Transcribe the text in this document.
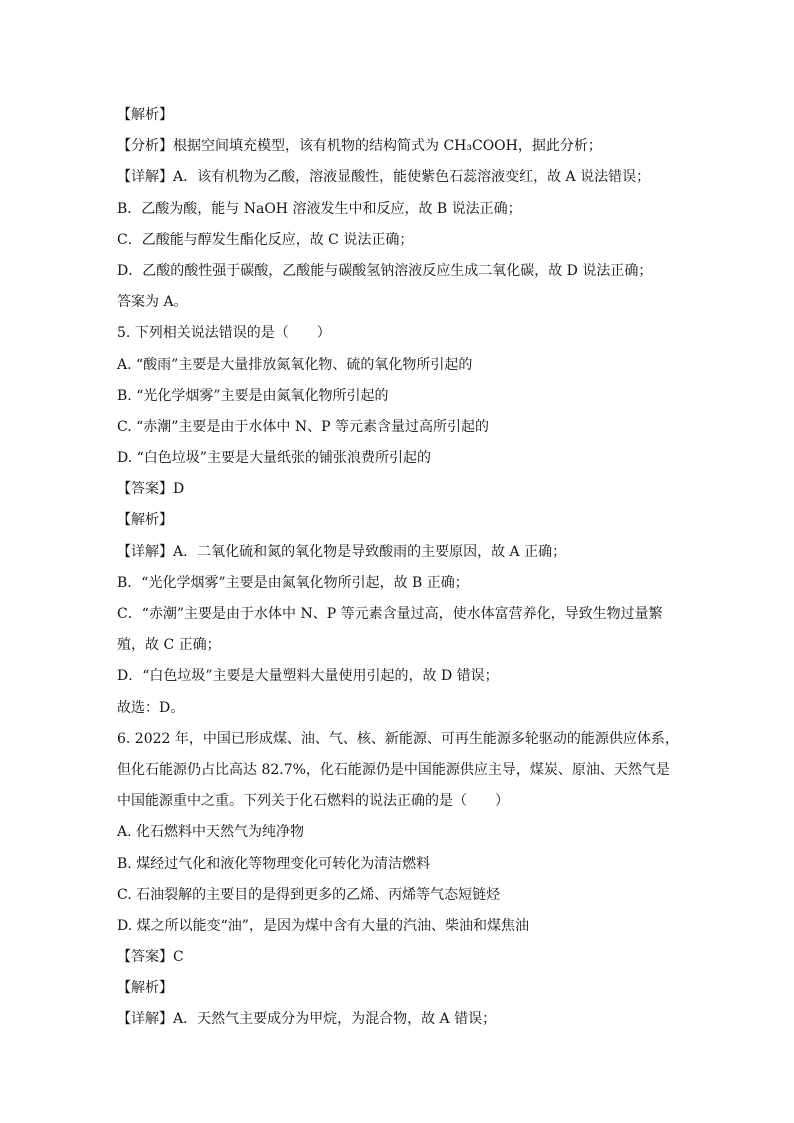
【解析】
【分析】根据空间填充模型，该有机物的结构简式为 CH₃COOH，据此分析；
【详解】A．该有机物为乙酸，溶液显酸性，能使紫色石蕊溶液变红，故 A 说法错误；
B．乙酸为酸，能与 NaOH 溶液发生中和反应，故 B 说法正确；
C．乙酸能与醇发生酯化反应，故 C 说法正确；
D．乙酸的酸性强于碳酸，乙酸能与碳酸氢钠溶液反应生成二氧化碳，故 D 说法正确；
答案为 A。
5. 下列相关说法错误的是（　　）
A. “酸雨”主要是大量排放氮氧化物、硫的氧化物所引起的
B. “光化学烟雾”主要是由氮氧化物所引起的
C. “赤潮”主要是由于水体中 N、P 等元素含量过高所引起的
D. “白色垃圾”主要是大量纸张的铺张浪费所引起的
【答案】D
【解析】
【详解】A．二氧化硫和氮的氧化物是导致酸雨的主要原因，故 A 正确；
B．“光化学烟雾”主要是由氮氧化物所引起，故 B 正确；
C．“赤潮”主要是由于水体中 N、P 等元素含量过高，使水体富营养化，导致生物过量繁
殖，故 C 正确；
D．“白色垃圾”主要是大量塑料大量使用引起的，故 D 错误；
故选：D。
6. 2022 年，中国已形成煤、油、气、核、新能源、可再生能源多轮驱动的能源供应体系，
但化石能源仍占比高达 82.7%，化石能源仍是中国能源供应主导，煤炭、原油、天然气是
中国能源重中之重。下列关于化石燃料的说法正确的是（　　）
A. 化石燃料中天然气为纯净物
B. 煤经过气化和液化等物理变化可转化为清洁燃料
C. 石油裂解的主要目的是得到更多的乙烯、丙烯等气态短链烃
D. 煤之所以能变“油”，是因为煤中含有大量的汽油、柴油和煤焦油
【答案】C
【解析】
【详解】A．天然气主要成分为甲烷，为混合物，故 A 错误；
